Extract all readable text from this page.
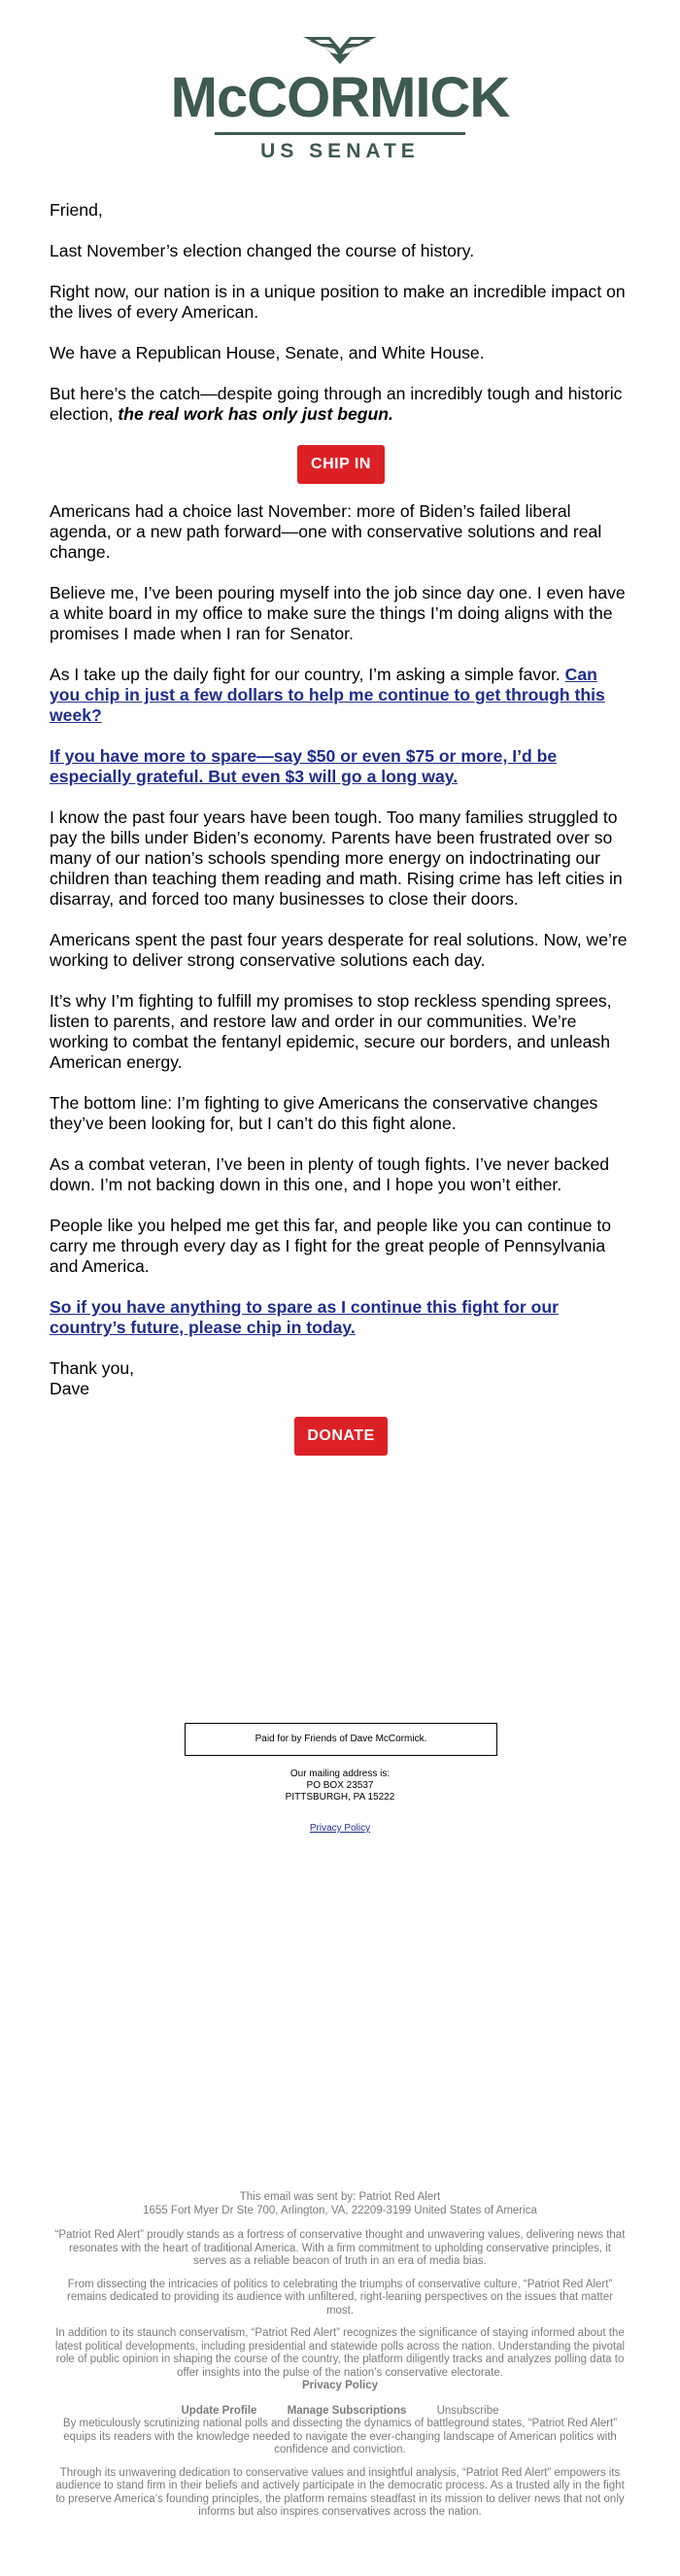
McCORMICK
US SENATE

Friend,

Last November’s election changed the course of history.

Right now, our nation is in a unique position to make an incredible impact on the lives of every American.

We have a Republican House, Senate, and White House.

But here’s the catch—despite going through an incredibly tough and historic election, the real work has only just begun.

CHIP IN

Americans had a choice last November: more of Biden’s failed liberal agenda, or a new path forward—one with conservative solutions and real change.

Believe me, I’ve been pouring myself into the job since day one. I even have a white board in my office to make sure the things I’m doing aligns with the promises I made when I ran for Senator.

As I take up the daily fight for our country, I’m asking a simple favor. Can you chip in just a few dollars to help me continue to get through this week?

If you have more to spare—say $50 or even $75 or more, I’d be especially grateful. But even $3 will go a long way.

I know the past four years have been tough. Too many families struggled to pay the bills under Biden’s economy. Parents have been frustrated over so many of our nation’s schools spending more energy on indoctrinating our children than teaching them reading and math. Rising crime has left cities in disarray, and forced too many businesses to close their doors.

Americans spent the past four years desperate for real solutions. Now, we’re working to deliver strong conservative solutions each day.

It’s why I’m fighting to fulfill my promises to stop reckless spending sprees, listen to parents, and restore law and order in our communities. We’re working to combat the fentanyl epidemic, secure our borders, and unleash American energy.

The bottom line: I’m fighting to give Americans the conservative changes they’ve been looking for, but I can’t do this fight alone.

As a combat veteran, I’ve been in plenty of tough fights. I’ve never backed down. I’m not backing down in this one, and I hope you won’t either.

People like you helped me get this far, and people like you can continue to carry me through every day as I fight for the great people of Pennsylvania and America.

So if you have anything to spare as I continue this fight for our country’s future, please chip in today.

Thank you,
Dave

DONATE
Paid for by Friends of Dave McCormick.
Our mailing address is:
PO BOX 23537
PITTSBURGH, PA 15222
Privacy Policy

This email was sent by: Patriot Red Alert

1655 Fort Myer Dr Ste 700, Arlington, VA, 22209-3199 United States of America

“Patriot Red Alert” proudly stands as a fortress of conservative thought and unwavering values, delivering news that resonates with the heart of traditional America. With a firm commitment to upholding conservative principles, it serves as a reliable beacon of truth in an era of media bias.

From dissecting the intricacies of politics to celebrating the triumphs of conservative culture, “Patriot Red Alert” remains dedicated to providing its audience with unfiltered, right-leaning perspectives on the issues that matter most.

In addition to its staunch conservatism, “Patriot Red Alert” recognizes the significance of staying informed about the latest political developments, including presidential and statewide polls across the nation. Understanding the pivotal role of public opinion in shaping the course of the country, the platform diligently tracks and analyzes polling data to offer insights into the pulse of the nation’s conservative electorate.

Privacy Policy

Update Profile	Manage Subscriptions	Unsubscribe

By meticulously scrutinizing national polls and dissecting the dynamics of battleground states, “Patriot Red Alert” equips its readers with the knowledge needed to navigate the ever-changing landscape of American politics with confidence and conviction.

Through its unwavering dedication to conservative values and insightful analysis, “Patriot Red Alert” empowers its audience to stand firm in their beliefs and actively participate in the democratic process. As a trusted ally in the fight to preserve America’s founding principles, the platform remains steadfast in its mission to deliver news that not only informs but also inspires conservatives across the nation.
